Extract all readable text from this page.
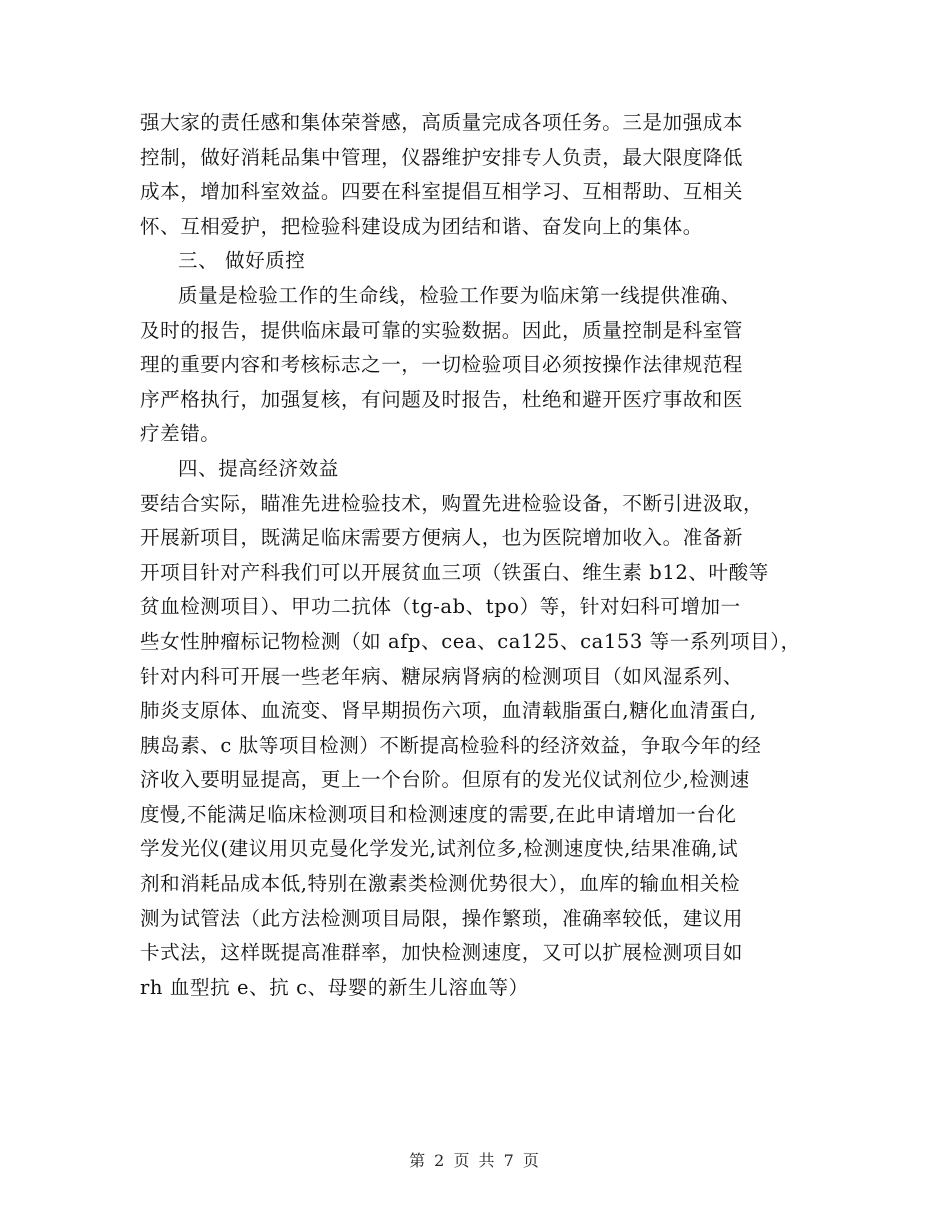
强大家的责任感和集体荣誉感，高质量完成各项任务。三是加强成本
控制，做好消耗品集中管理，仪器维护安排专人负责，最大限度降低
成本，增加科室效益。四要在科室提倡互相学习、互相帮助、互相关
怀、互相爱护，把检验科建设成为团结和谐、奋发向上的集体。
三、 做好质控
质量是检验工作的生命线，检验工作要为临床第一线提供准确、
及时的报告，提供临床最可靠的实验数据。因此，质量控制是科室管
理的重要内容和考核标志之一，一切检验项目必须按操作法律规范程
序严格执行，加强复核，有问题及时报告，杜绝和避开医疗事故和医
疗差错。
四、提高经济效益
要结合实际，瞄准先进检验技术，购置先进检验设备，不断引进汲取，
开展新项目，既满足临床需要方便病人，也为医院增加收入。准备新
开项目针对产科我们可以开展贫血三项（铁蛋白、维生素 b12、叶酸等
贫血检测项目）、甲功二抗体（tg-ab、tpo）等，针对妇科可增加一
些女性肿瘤标记物检测（如 afp、cea、ca125、ca153 等一系列项目），
针对内科可开展一些老年病、糖尿病肾病的检测项目（如风湿系列、
肺炎支原体、血流变、肾早期损伤六项，血清载脂蛋白,糖化血清蛋白,
胰岛素、c 肽等项目检测）不断提高检验科的经济效益，争取今年的经
济收入要明显提高，更上一个台阶。但原有的发光仪试剂位少,检测速
度慢,不能满足临床检测项目和检测速度的需要,在此申请增加一台化
学发光仪(建议用贝克曼化学发光,试剂位多,检测速度快,结果准确,试
剂和消耗品成本低,特别在激素类检测优势很大），血库的输血相关检
测为试管法（此方法检测项目局限，操作繁琐，准确率较低，建议用
卡式法，这样既提高准群率，加快检测速度，又可以扩展检测项目如
rh 血型抗 e、抗 c、母婴的新生儿溶血等）
第 2 页 共 7 页
